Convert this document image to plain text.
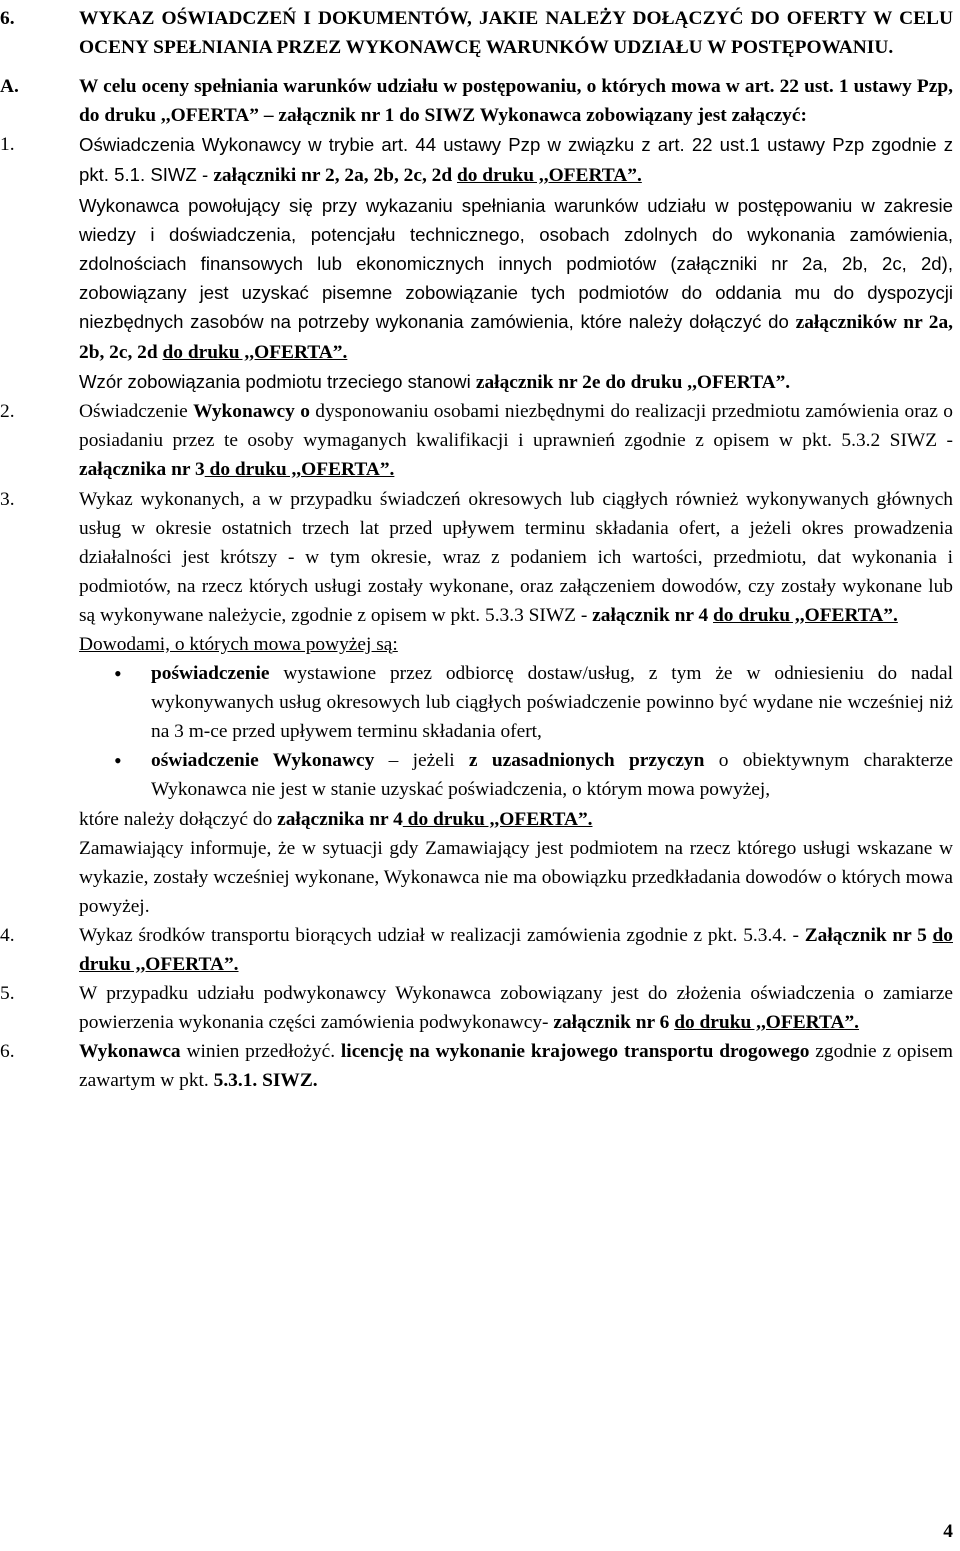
6.	WYKAZ OŚWIADCZEŃ I DOKUMENTÓW, JAKIE NALEŻY DOŁĄCZYĆ DO OFERTY W CELU OCENY SPEŁNIANIA PRZEZ WYKONAWCĘ WARUNKÓW UDZIAŁU W POSTĘPOWANIU.
A.	W celu oceny spełniania warunków udziału w postępowaniu, o których mowa w art. 22 ust. 1 ustawy Pzp, do druku ,,OFERTA” – załącznik nr 1 do SIWZ Wykonawca zobowiązany jest załączyć:
1.	Oświadczenia Wykonawcy w trybie art. 44 ustawy Pzp w związku z art. 22 ust.1 ustawy Pzp zgodnie z pkt. 5.1. SIWZ - załączniki nr 2, 2a, 2b, 2c, 2d do druku ,,OFERTA”.
Wykonawca powołujący się przy wykazaniu spełniania warunków udziału w postępowaniu w zakresie wiedzy i doświadczenia, potencjału technicznego, osobach zdolnych do wykonania zamówienia, zdolnościach finansowych lub ekonomicznych innych podmiotów (załączniki nr 2a, 2b, 2c, 2d), zobowiązany jest uzyskać pisemne zobowiązanie tych podmiotów do oddania mu do dyspozycji niezbędnych zasobów na potrzeby wykonania zamówienia, które należy dołączyć do załączników nr 2a, 2b, 2c, 2d do druku ,,OFERTA”.
Wzór zobowiązania podmiotu trzeciego stanowi załącznik nr 2e do druku ,,OFERTA”.
2.	Oświadczenie Wykonawcy o dysponowaniu osobami niezbędnymi do realizacji przedmiotu zamówienia oraz o posiadaniu przez te osoby wymaganych kwalifikacji i uprawnień zgodnie z opisem w pkt. 5.3.2 SIWZ - załącznika nr 3 do druku ,,OFERTA”.
3.	Wykaz wykonanych, a w przypadku świadczeń okresowych lub ciągłych również wykonywanych głównych usług w okresie ostatnich trzech lat przed upływem terminu składania ofert, a jeżeli okres prowadzenia działalności jest krótszy - w tym okresie, wraz z podaniem ich wartości, przedmiotu, dat wykonania i podmiotów, na rzecz których usługi zostały wykonane, oraz załączeniem dowodów, czy zostały wykonane lub są wykonywane należycie, zgodnie z opisem w pkt. 5.3.3 SIWZ - załącznik nr 4 do druku ,,OFERTA”.
Dowodami, o których mowa powyżej są:
•	poświadczenie wystawione przez odbiorcę dostaw/usług, z tym że w odniesieniu do nadal wykonywanych usług okresowych lub ciągłych poświadczenie powinno być wydane nie wcześniej niż na 3 m-ce przed upływem terminu składania ofert,
•	oświadczenie Wykonawcy – jeżeli z uzasadnionych przyczyn o obiektywnym charakterze Wykonawca nie jest w stanie uzyskać poświadczenia, o którym mowa powyżej,
które należy dołączyć do załącznika nr 4 do druku ,,OFERTA”.
Zamawiający informuje, że w sytuacji gdy Zamawiający jest podmiotem na rzecz którego usługi wskazane w wykazie, zostały wcześniej wykonane, Wykonawca nie ma obowiązku przedkładania dowodów o których mowa powyżej.
4.	Wykaz środków transportu biorących udział w realizacji zamówienia zgodnie z pkt. 5.3.4. - Załącznik nr 5 do druku ,,OFERTA”.
5.	W przypadku udziału podwykonawcy Wykonawca zobowiązany jest do złożenia oświadczenia o zamiarze powierzenia wykonania części zamówienia podwykonawcy- załącznik nr 6 do druku ,,OFERTA”.
6.	Wykonawca winien przedłożyć. licencję na wykonanie krajowego transportu drogowego zgodnie z opisem zawartym w pkt. 5.3.1. SIWZ.
4
